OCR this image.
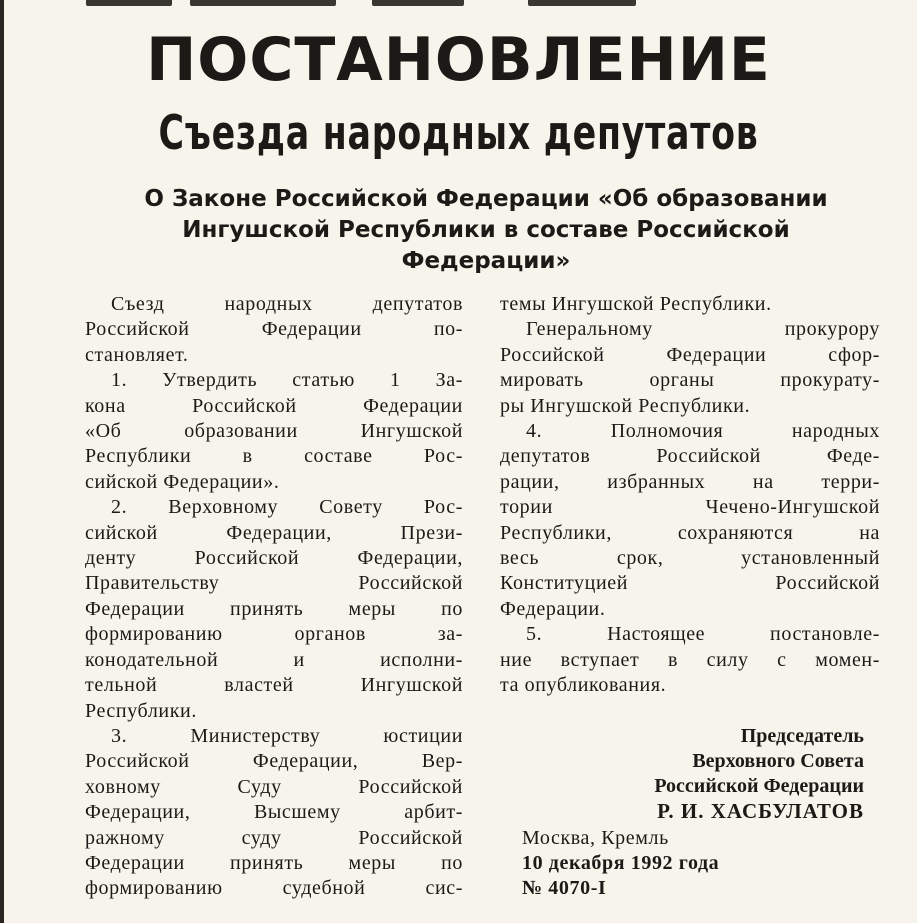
ПОСТАНОВЛЕНИЕ
Съезда народных депутатов
О Законе Российской Федерации «Об образовании
Ингушской Республики в составе Российской
Федерации»
Съезд народных депутатов
Российской Федерации по-
становляет.
1. Утвердить статью 1 За-
кона Российской Федерации
«Об образовании Ингушской
Республики в составе Рос-
сийской Федерации».
2. Верховному Совету Рос-
сийской Федерации, Прези-
денту Российской Федерации,
Правительству Российской
Федерации принять меры по
формированию органов за-
конодательной и исполни-
тельной властей Ингушской
Республики.
3. Министерству юстиции
Российской Федерации, Вер-
ховному Суду Российской
Федерации, Высшему арбит-
ражному суду Российской
Федерации принять меры по
формированию судебной сис-
темы Ингушской Республики.
Генеральному прокурору
Российской Федерации сфор-
мировать органы прокурату-
ры Ингушской Республики.
4. Полномочия народных
депутатов Российской Феде-
рации, избранных на терри-
тории Чечено-Ингушской
Республики, сохраняются на
весь срок, установленный
Конституцией Российской
Федерации.
5. Настоящее постановле-
ние вступает в силу с момен-
та опубликования.
Председатель
Верховного Совета
Российской Федерации
Р. И. ХАСБУЛАТОВ
Москва, Кремль
10 декабря 1992 года
№ 4070-I
